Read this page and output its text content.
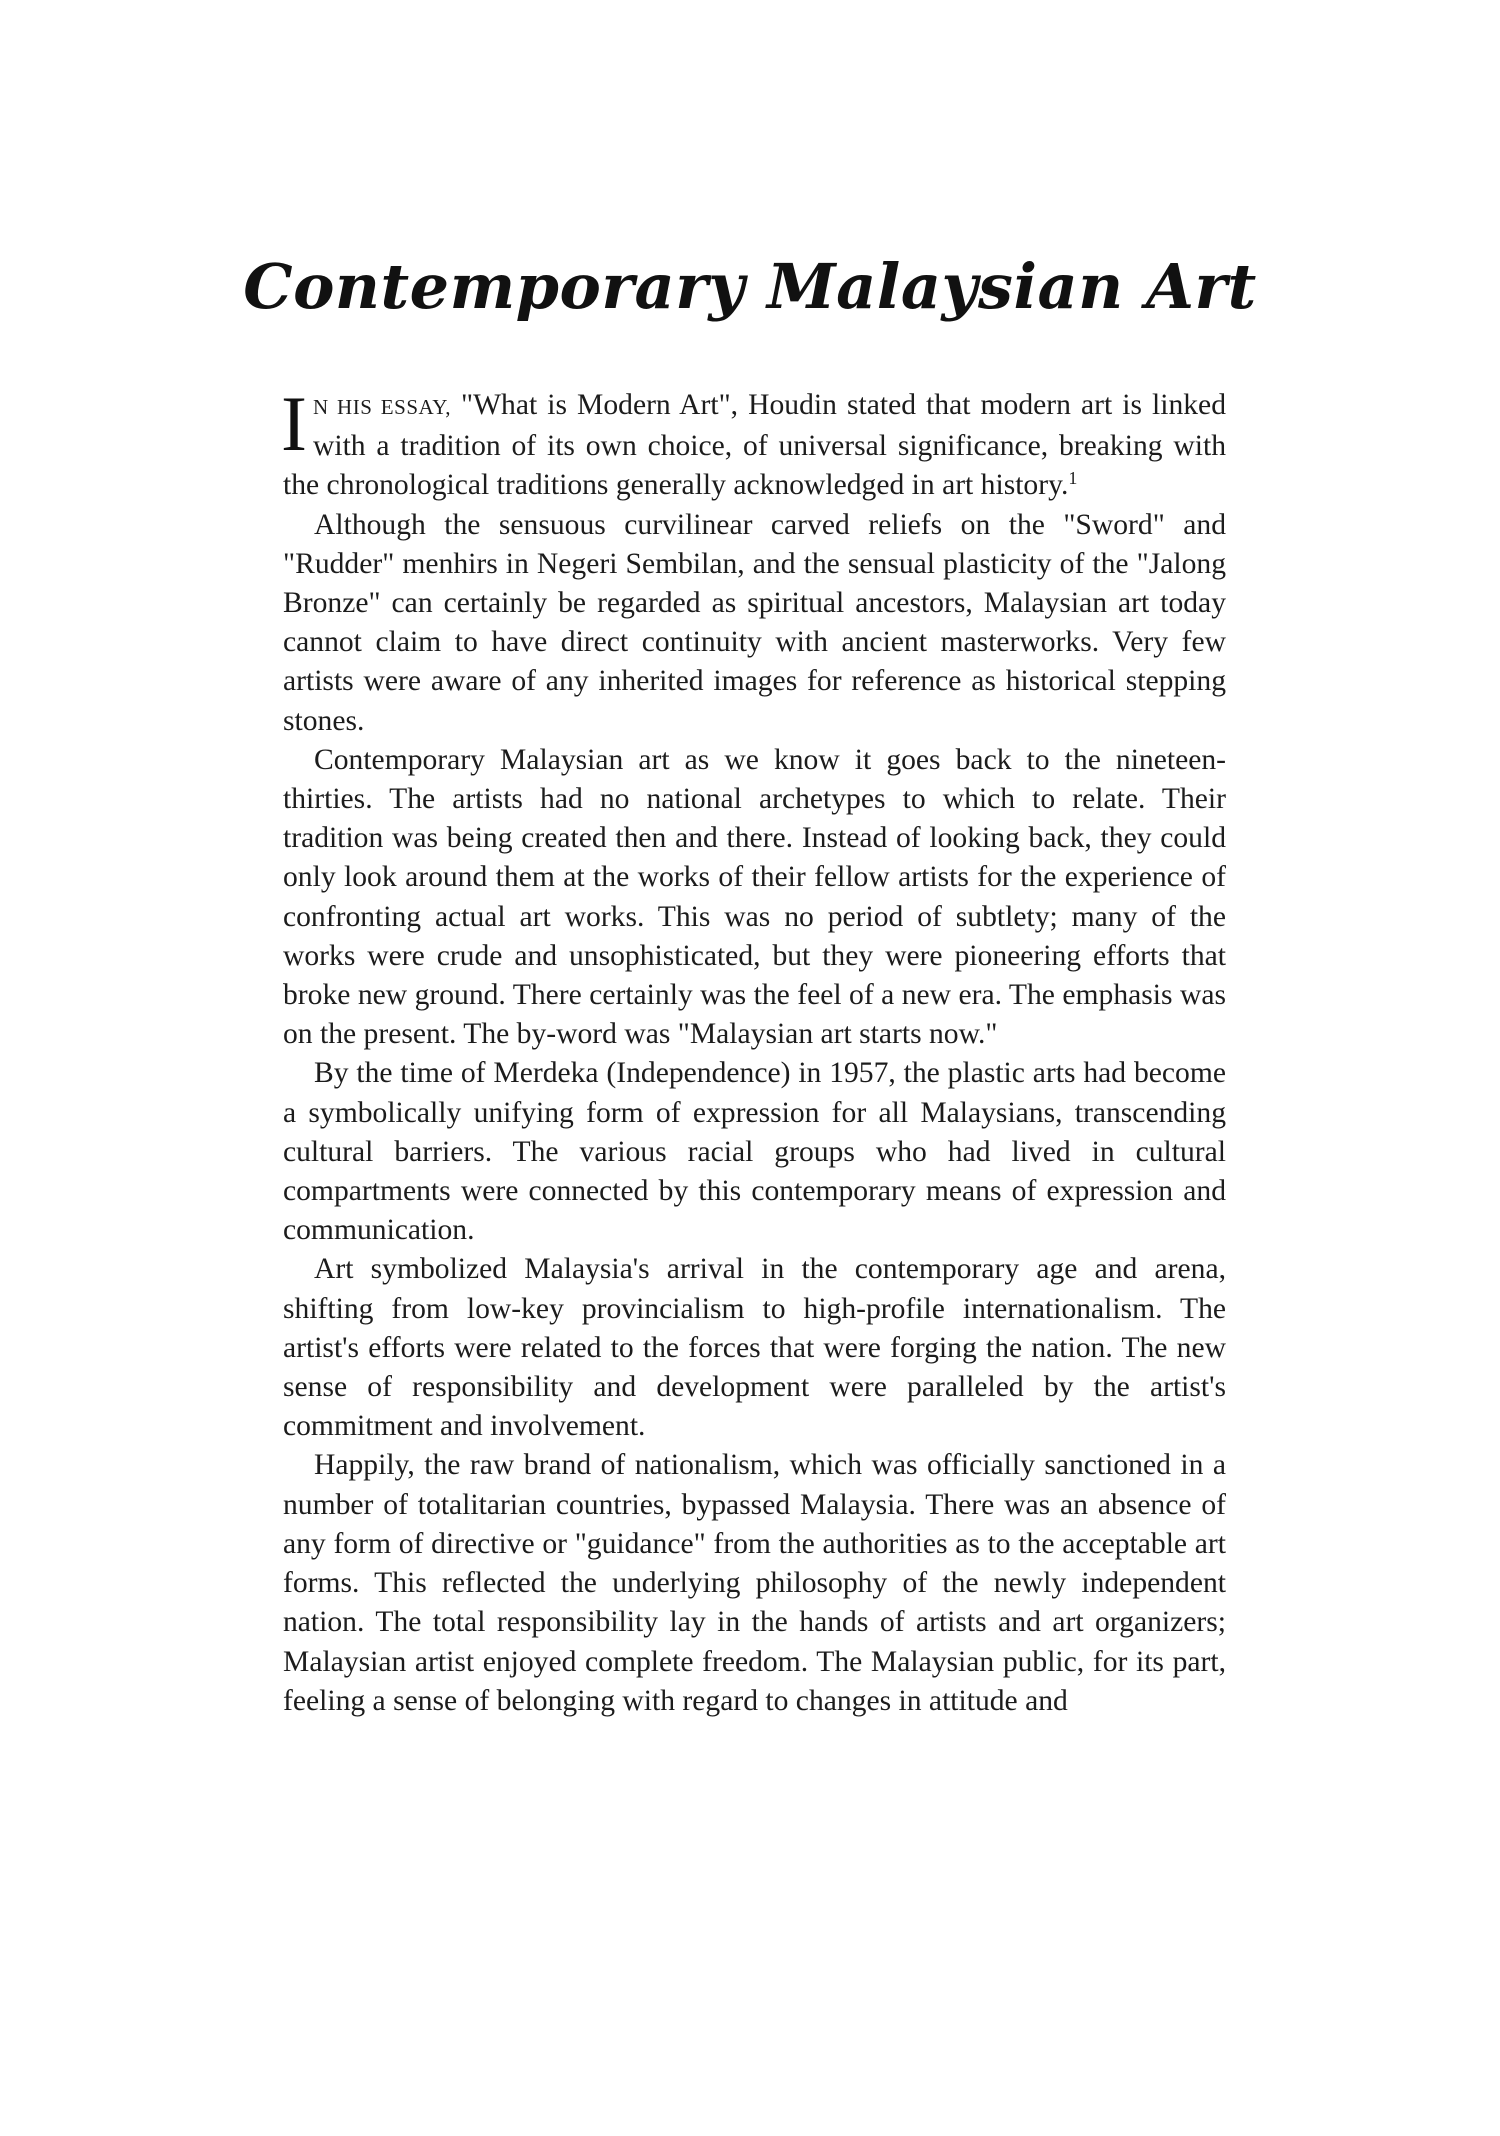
Contemporary Malaysian Art

I N HIS ESSAY, "What is Modern Art", Houdin stated that modern art is linked with a tradition of its own choice, of universal significance, breaking with the chronological traditions generally acknowledged in art history.$^1$

Although the sensuous curvilinear carved reliefs on the "Sword" and "Rudder" menhirs in Negeri Sembilan, and the sensual plasticity of the "Jalong Bronze" can certainly be regarded as spiritual ancestors, Malaysian art today cannot claim to have direct continuity with ancient masterworks. Very few artists were aware of any inherited images for reference as historical stepping stones.

Contemporary Malaysian art as we know it goes back to the nineteen-thirties. The artists had no national archetypes to which to relate. Their tradition was being created then and there. Instead of looking back, they could only look around them at the works of their fellow artists for the experience of confronting actual art works. This was no period of subtlety; many of the works were crude and unsophisticated, but they were pioneering efforts that broke new ground. There certainly was the feel of a new era. The emphasis was on the present. The by-word was "Malaysian art starts now."

By the time of Merdeka (Independence) in 1957, the plastic arts had become a symbolically unifying form of expression for all Malaysians, transcending cultural barriers. The various racial groups who had lived in cultural compartments were connected by this contemporary means of expression and communication.

Art symbolized Malaysia's arrival in the contemporary age and arena, shifting from low-key provincialism to high-profile internationalism. The artist's efforts were related to the forces that were forging the nation. The new sense of responsibility and development were paralleled by the artist's commitment and involvement.

Happily, the raw brand of nationalism, which was officially sanctioned in a number of totalitarian countries, bypassed Malaysia. There was an absence of any form of directive or "guidance" from the authorities as to the acceptable art forms. This reflected the underlying philosophy of the newly independent nation. The total responsibility lay in the hands of artists and art organizers; Malaysian artist enjoyed complete freedom. The Malaysian public, for its part, feeling a sense of belonging with regard to changes in attitude and
